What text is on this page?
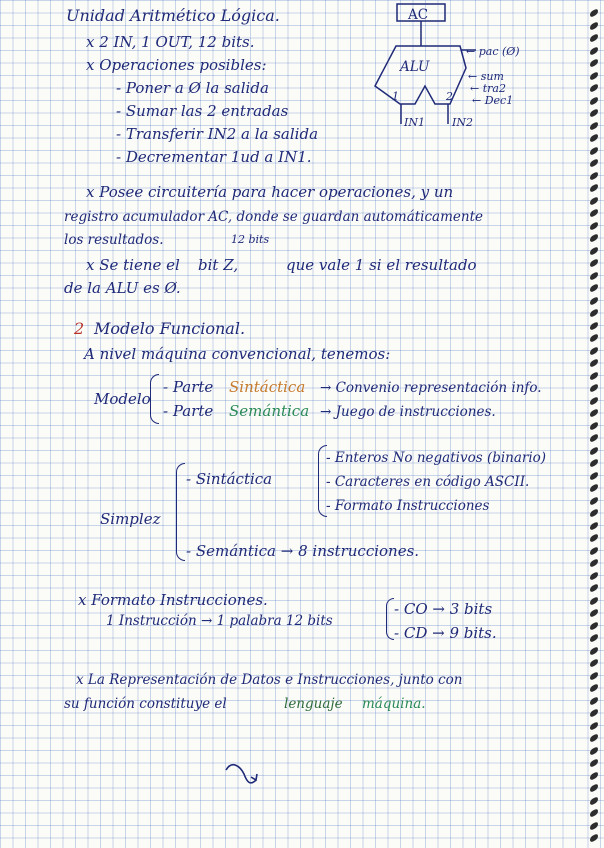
Unidad Aritmético Lógica.
x 2 IN, 1 OUT, 12 bits.
x Operaciones posibles:
- Poner a Ø la salida
- Sumar las 2 entradas
- Transferir IN2 a la salida
- Decrementar 1ud a IN1.
AC
ALU
1	2
IN1 IN2
← pac (Ø)
← sum
← tra2
← Dec1
x Posee circuitería para hacer operaciones, y un
registro acumulador AC, donde se guardan automáticamente
los resultados.	12 bits
x Se tiene el bit Z,	que vale 1 si el resultado
de la ALU es Ø.
2 Modelo Funcional.
A nivel máquina convencional, tenemos:
Modelo
- Parte Sintáctica → Convenio representación info.
- Parte Semántica → Juego de instrucciones.
Simplez
- Sintáctica
- Enteros No negativos (binario)
- Caracteres en código ASCII.
- Formato Instrucciones
- Semántica → 8 instrucciones.
x Formato Instrucciones.
1 Instrucción → 1 palabra 12 bits
- CO → 3 bits
- CD → 9 bits.
x La Representación de Datos e Instrucciones, junto con
su función constituye el	lenguaje máquina.
